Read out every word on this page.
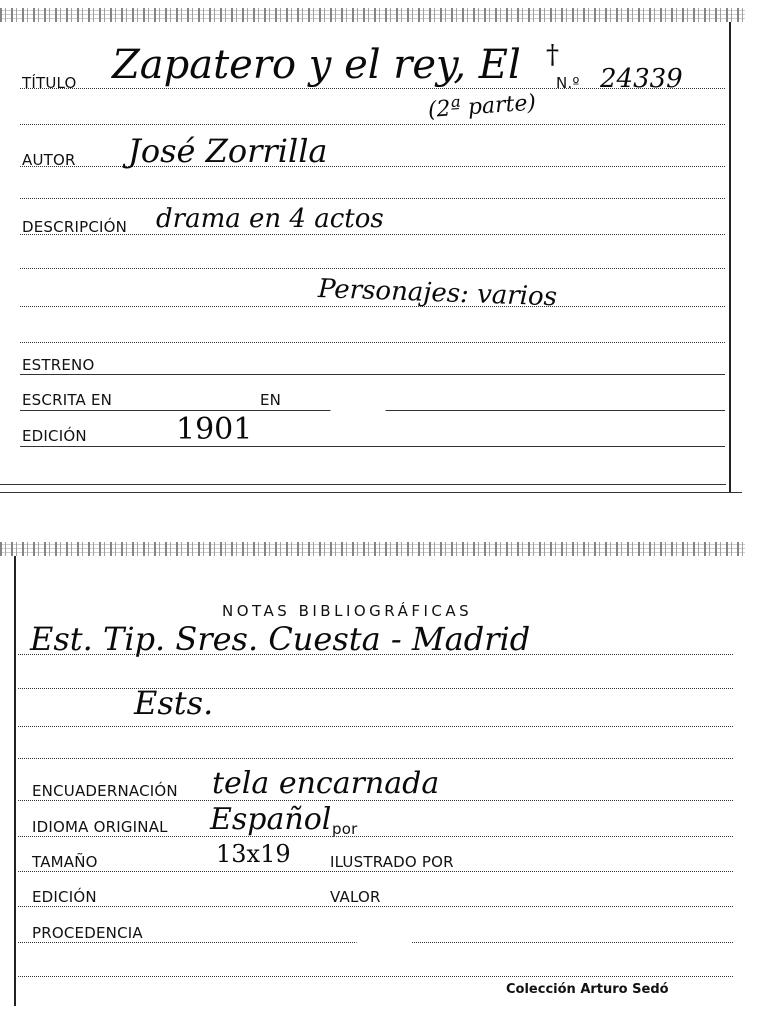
TÍTULO Zapatero y el rey, El
(2ª parte)
†
N.º 24339
AUTOR José Zorrilla
DESCRIPCIÓN drama en 4 actos
Personajes: varios
ESTRENO
ESCRITA EN	EN
EDICIÓN	1901
NOTAS BIBLIOGRÁFICAS
Est. Tip. Sres. Cuesta - Madrid
Ests.
ENCUADERNACIÓN tela encarnada
IDIOMA ORIGINAL Español por
TAMAÑO	13x19	ILUSTRADO POR
EDICIÓN	VALOR
PROCEDENCIA
Colección Arturo Sedó
